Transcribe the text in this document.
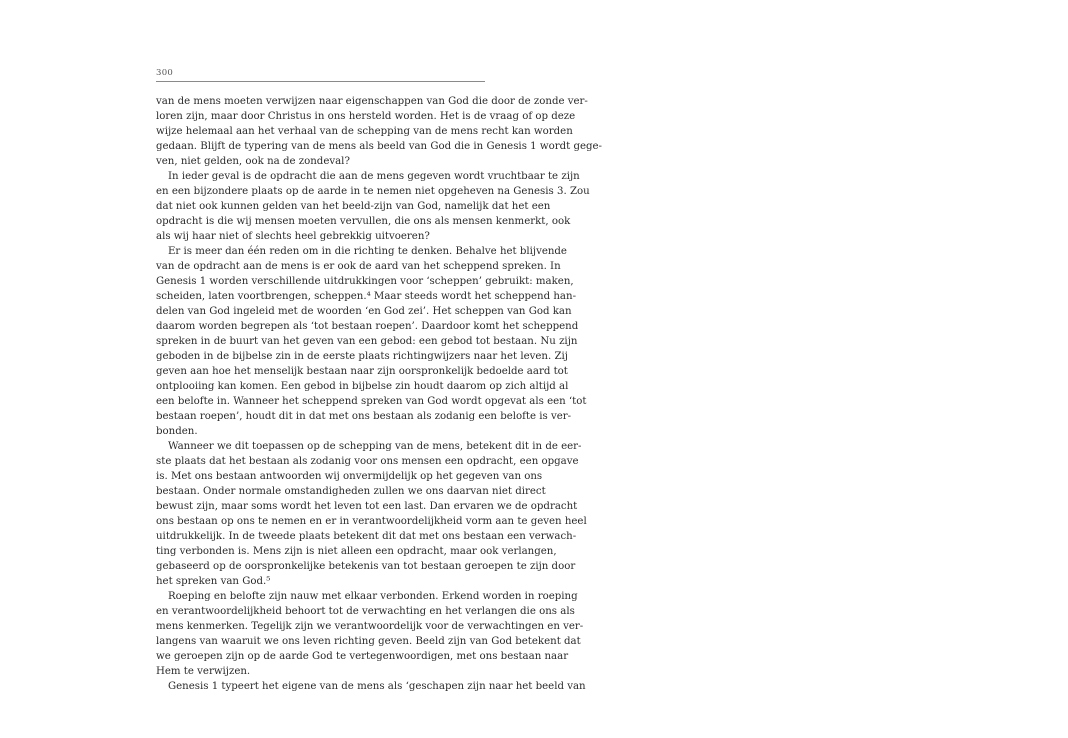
300
van de mens moeten verwijzen naar eigenschappen van God die door de zonde ver-
loren zijn, maar door Christus in ons hersteld worden. Het is de vraag of op deze
wijze helemaal aan het verhaal van de schepping van de mens recht kan worden
gedaan. Blijft de typering van de mens als beeld van God die in Genesis 1 wordt gege-
ven, niet gelden, ook na de zondeval?
In ieder geval is de opdracht die aan de mens gegeven wordt vruchtbaar te zijn
en een bijzondere plaats op de aarde in te nemen niet opgeheven na Genesis 3. Zou
dat niet ook kunnen gelden van het beeld-zijn van God, namelijk dat het een
opdracht is die wij mensen moeten vervullen, die ons als mensen kenmerkt, ook
als wij haar niet of slechts heel gebrekkig uitvoeren?
Er is meer dan één reden om in die richting te denken. Behalve het blijvende
van de opdracht aan de mens is er ook de aard van het scheppend spreken. In
Genesis 1 worden verschillende uitdrukkingen voor ‘scheppen’ gebruikt: maken,
scheiden, laten voortbrengen, scheppen.⁴ Maar steeds wordt het scheppend han-
delen van God ingeleid met de woorden ‘en God zei’. Het scheppen van God kan
daarom worden begrepen als ‘tot bestaan roepen’. Daardoor komt het scheppend
spreken in de buurt van het geven van een gebod: een gebod tot bestaan. Nu zijn
geboden in de bijbelse zin in de eerste plaats richtingwijzers naar het leven. Zij
geven aan hoe het menselijk bestaan naar zijn oorspronkelijk bedoelde aard tot
ontplooiing kan komen. Een gebod in bijbelse zin houdt daarom op zich altijd al
een belofte in. Wanneer het scheppend spreken van God wordt opgevat als een ‘tot
bestaan roepen’, houdt dit in dat met ons bestaan als zodanig een belofte is ver-
bonden.
Wanneer we dit toepassen op de schepping van de mens, betekent dit in de eer-
ste plaats dat het bestaan als zodanig voor ons mensen een opdracht, een opgave
is. Met ons bestaan antwoorden wij onvermijdelijk op het gegeven van ons
bestaan. Onder normale omstandigheden zullen we ons daarvan niet direct
bewust zijn, maar soms wordt het leven tot een last. Dan ervaren we de opdracht
ons bestaan op ons te nemen en er in verantwoordelijkheid vorm aan te geven heel
uitdrukkelijk. In de tweede plaats betekent dit dat met ons bestaan een verwach-
ting verbonden is. Mens zijn is niet alleen een opdracht, maar ook verlangen,
gebaseerd op de oorspronkelijke betekenis van tot bestaan geroepen te zijn door
het spreken van God.⁵
Roeping en belofte zijn nauw met elkaar verbonden. Erkend worden in roeping
en verantwoordelijkheid behoort tot de verwachting en het verlangen die ons als
mens kenmerken. Tegelijk zijn we verantwoordelijk voor de verwachtingen en ver-
langens van waaruit we ons leven richting geven. Beeld zijn van God betekent dat
we geroepen zijn op de aarde God te vertegenwoordigen, met ons bestaan naar
Hem te verwijzen.
Genesis 1 typeert het eigene van de mens als ‘geschapen zijn naar het beeld van
